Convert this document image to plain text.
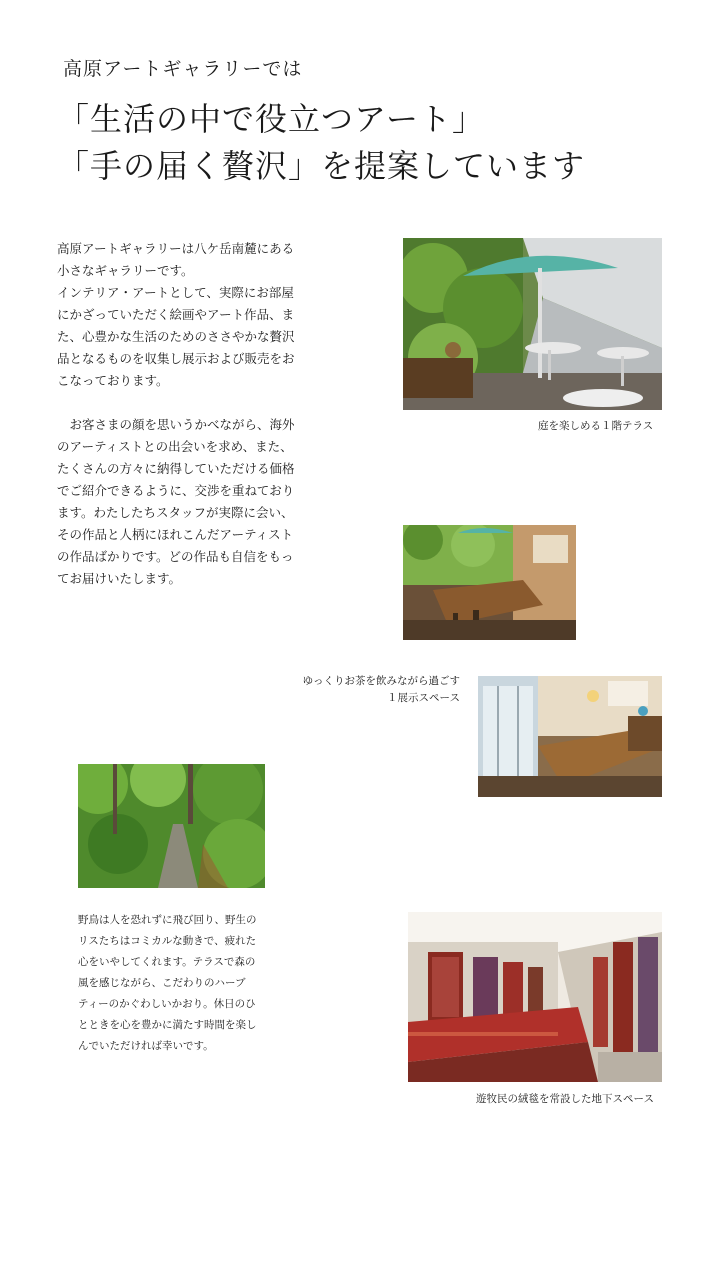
高原アートギャラリーでは
「生活の中で役立つアート」
「手の届く贅沢」を提案しています

高原アートギャラリーは八ケ岳南麓にある

小さなギャラリーです。

インテリア・アートとして、実際にお部屋

にかざっていただく絵画やアート作品、ま

た、心豊かな生活のためのささやかな贅沢

品となるものを収集し展示および販売をお

こなっております。

　お客さまの顔を思いうかべながら、海外

のアーティストとの出会いを求め、また、

たくさんの方々に納得していただける価格

でご紹介できるように、交渉を重ねており

ます。わたしたちスタッフが実際に会い、

その作品と人柄にほれこんだアーティスト

の作品ばかりです。どの作品も自信をもっ

てお届けいたします。

庭を楽しめる１階テラス
ゆっくりお茶を飲みながら過ごす
１展示スペース

野鳥は人を恐れずに飛び回り、野生の

リスたちはコミカルな動きで、疲れた

心をいやしてくれます。テラスで森の

風を感じながら、こだわりのハーブ

ティーのかぐわしいかおり。休日のひ

とときを心を豊かに満たす時間を楽し

んでいただければ幸いです。

遊牧民の絨毯を常設した地下スペース
